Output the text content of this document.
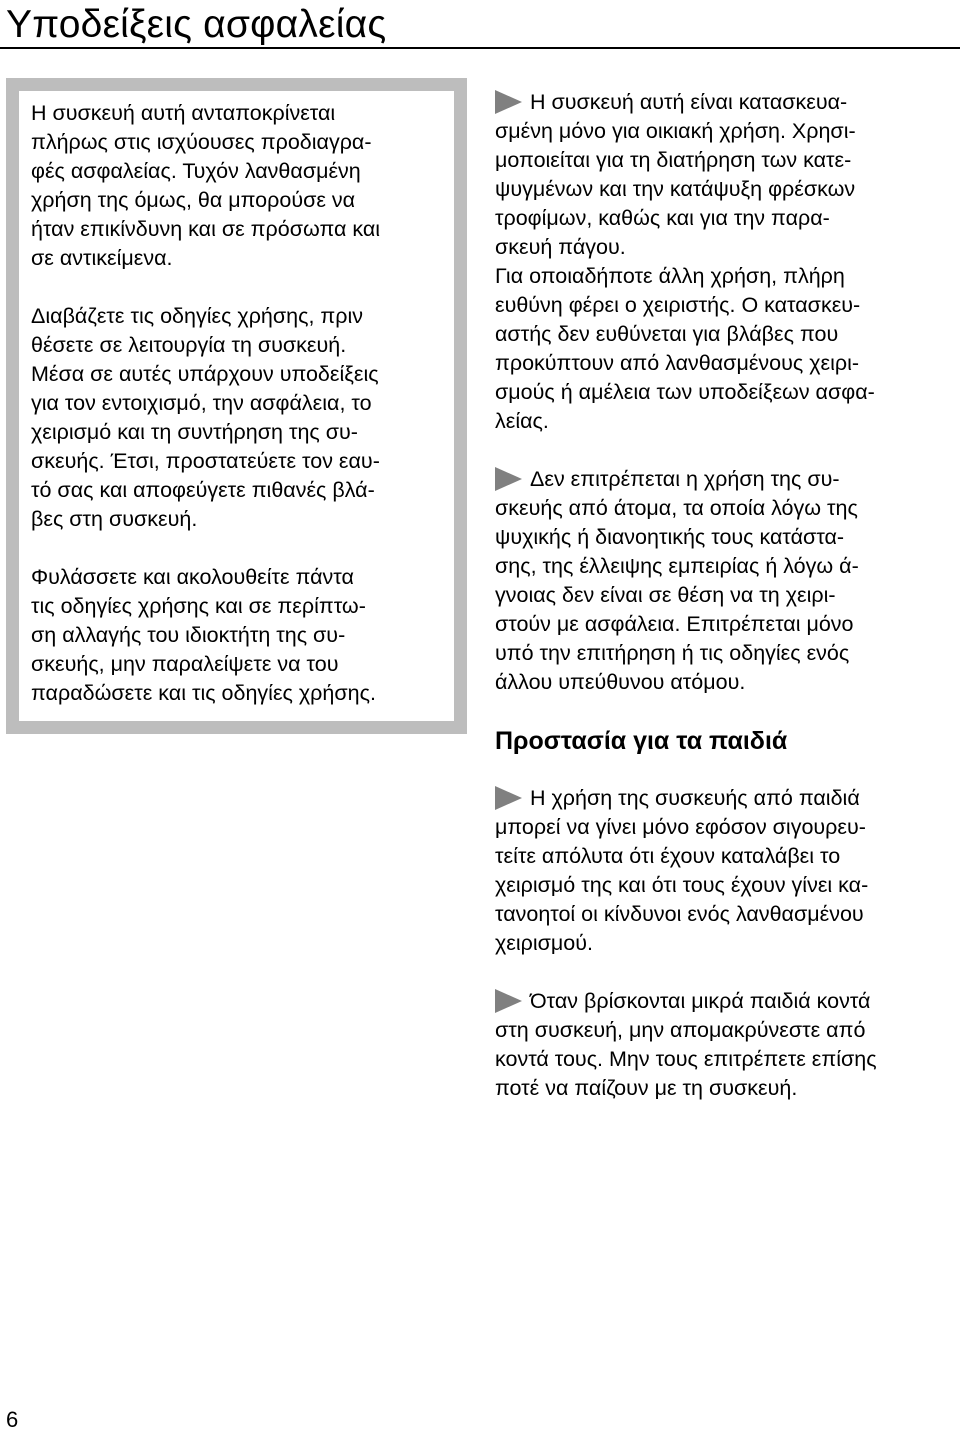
Υποδείξεις ασφαλείας

Η συσκευή αυτή ανταποκρίνεται
πλήρως στις ισχύουσες προδιαγρα-
φές ασφαλείας. Τυχόν λανθασμένη
χρήση της όμως, θα μπορούσε να
ήταν επικίνδυνη και σε πρόσωπα και
σε αντικείμενα.

Διαβάζετε τις οδηγίες χρήσης, πριν
θέσετε σε λειτουργία τη συσκευή.
Μέσα σε αυτές υπάρχουν υποδείξεις
για τον εντοιχισμό, την ασφάλεια, το
χειρισμό και τη συντήρηση της συ-
σκευής. Έτσι, προστατεύετε τον εαυ-
τό σας και αποφεύγετε πιθανές βλά-
βες στη συσκευή.

Φυλάσσετε και ακολουθείτε πάντα
τις οδηγίες χρήσης και σε περίπτω-
ση αλλαγής του ιδιοκτήτη της συ-
σκευής, μην παραλείψετε να του
παραδώσετε και τις οδηγίες χρήσης.

Η συσκευή αυτή είναι κατασκευα-

σμένη μόνο για οικιακή χρήση. Χρησι-

μοποιείται για τη διατήρηση των κατε-

ψυγμένων και την κατάψυξη φρέσκων

τροφίμων, καθώς και για την παρα-

σκευή πάγου.

Για οποιαδήποτε άλλη χρήση, πλήρη

ευθύνη φέρει ο χειριστής. Ο κατασκευ-

αστής δεν ευθύνεται για βλάβες που

προκύπτουν από λανθασμένους χειρι-

σμούς ή αμέλεια των υποδείξεων ασφα-

λείας.

Δεν επιτρέπεται η χρήση της συ-

σκευής από άτομα, τα οποία λόγω της

ψυχικής ή διανοητικής τους κατάστα-

σης, της έλλειψης εμπειρίας ή λόγω ά-

γνοιας δεν είναι σε θέση να τη χειρι-

στούν με ασφάλεια. Επιτρέπεται μόνο

υπό την επιτήρηση ή τις οδηγίες ενός

άλλου υπεύθυνου ατόμου.

Προστασία για τα παιδιά

Η χρήση της συσκευής από παιδιά

μπορεί να γίνει μόνο εφόσον σιγουρευ-

τείτε απόλυτα ότι έχουν καταλάβει το

χειρισμό της και ότι τους έχουν γίνει κα-

τανοητοί οι κίνδυνοι ενός λανθασμένου

χειρισμού.

Όταν βρίσκονται μικρά παιδιά κοντά

στη συσκευή, μην απομακρύνεστε από

κοντά τους. Μην τους επιτρέπετε επίσης

ποτέ να παίζουν με τη συσκευή.

6
